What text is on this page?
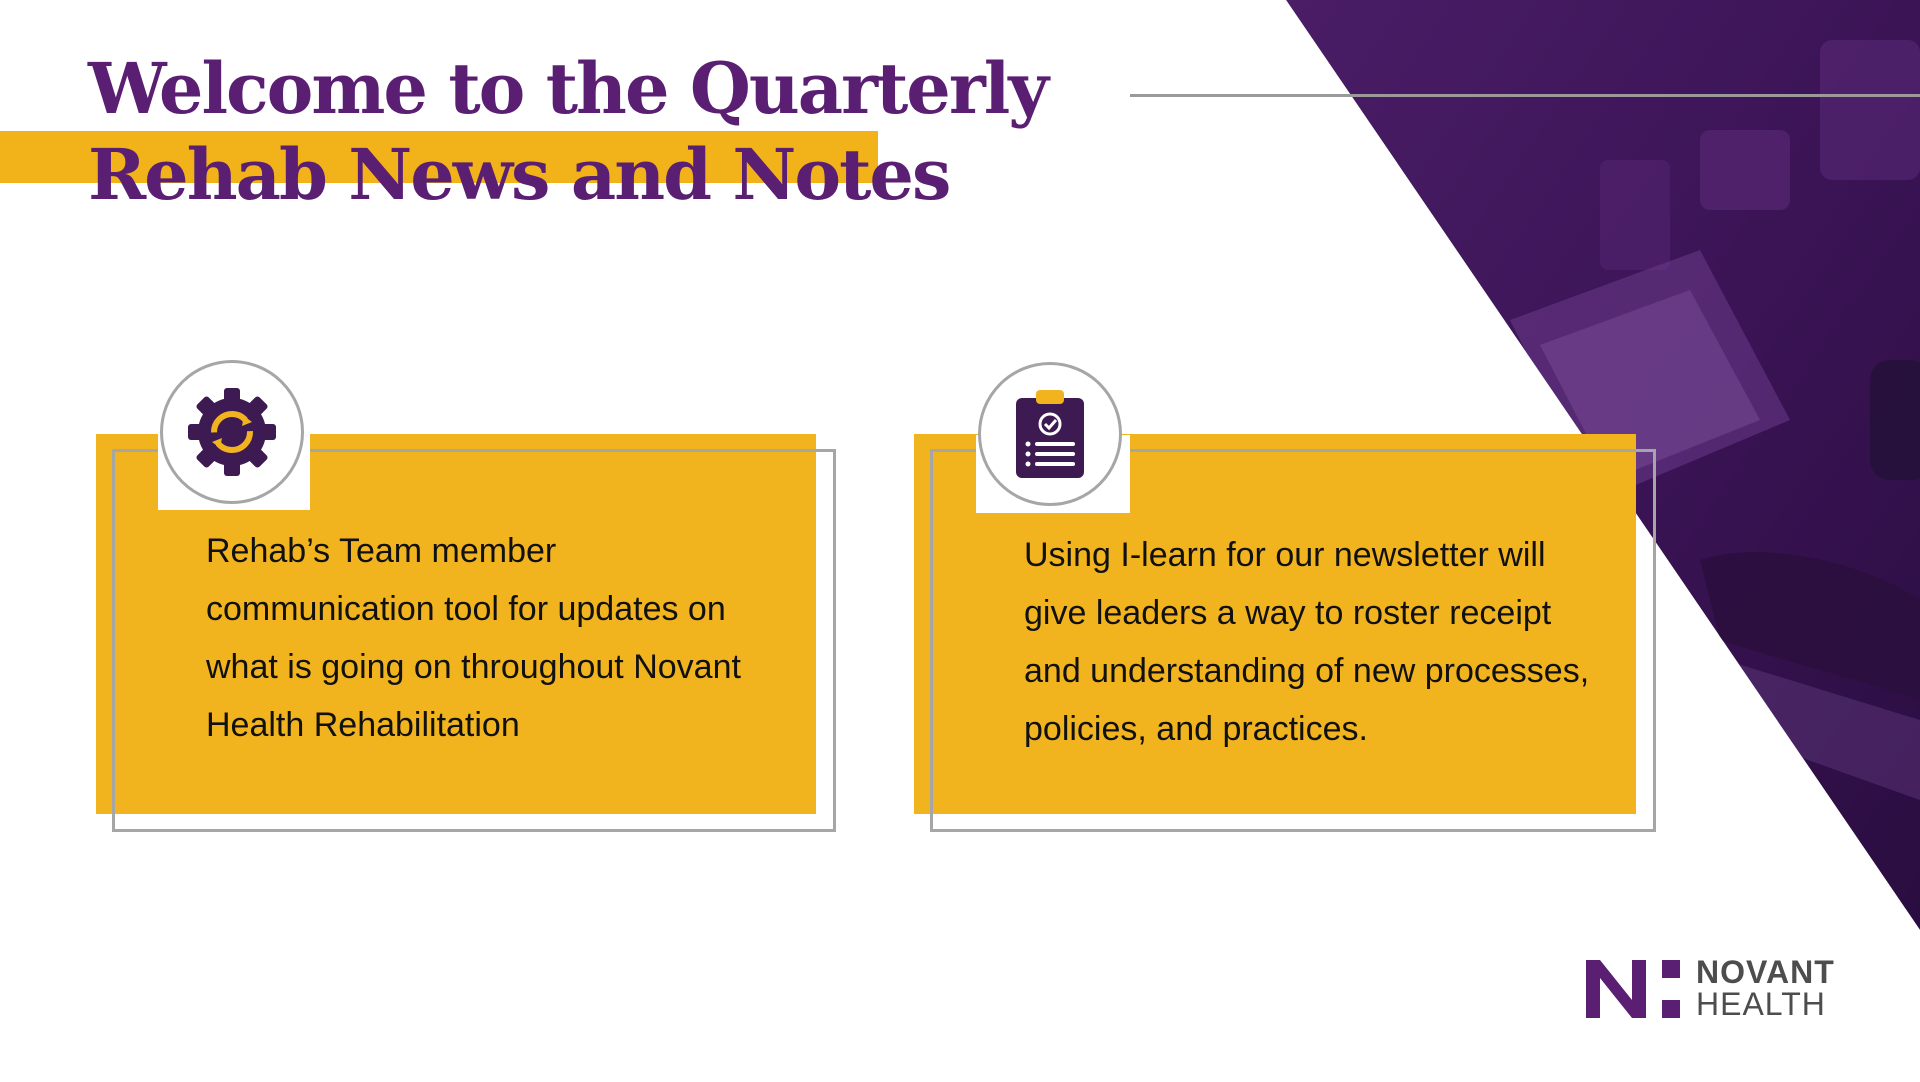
Welcome to the Quarterly
Rehab News and Notes

Rehab’s Team member communication tool for updates on what is going on throughout Novant Health Rehabilitation

Using I-learn for our newsletter will give leaders a way to roster receipt and understanding of new processes, policies, and practices.

NOVANT
HEALTH
